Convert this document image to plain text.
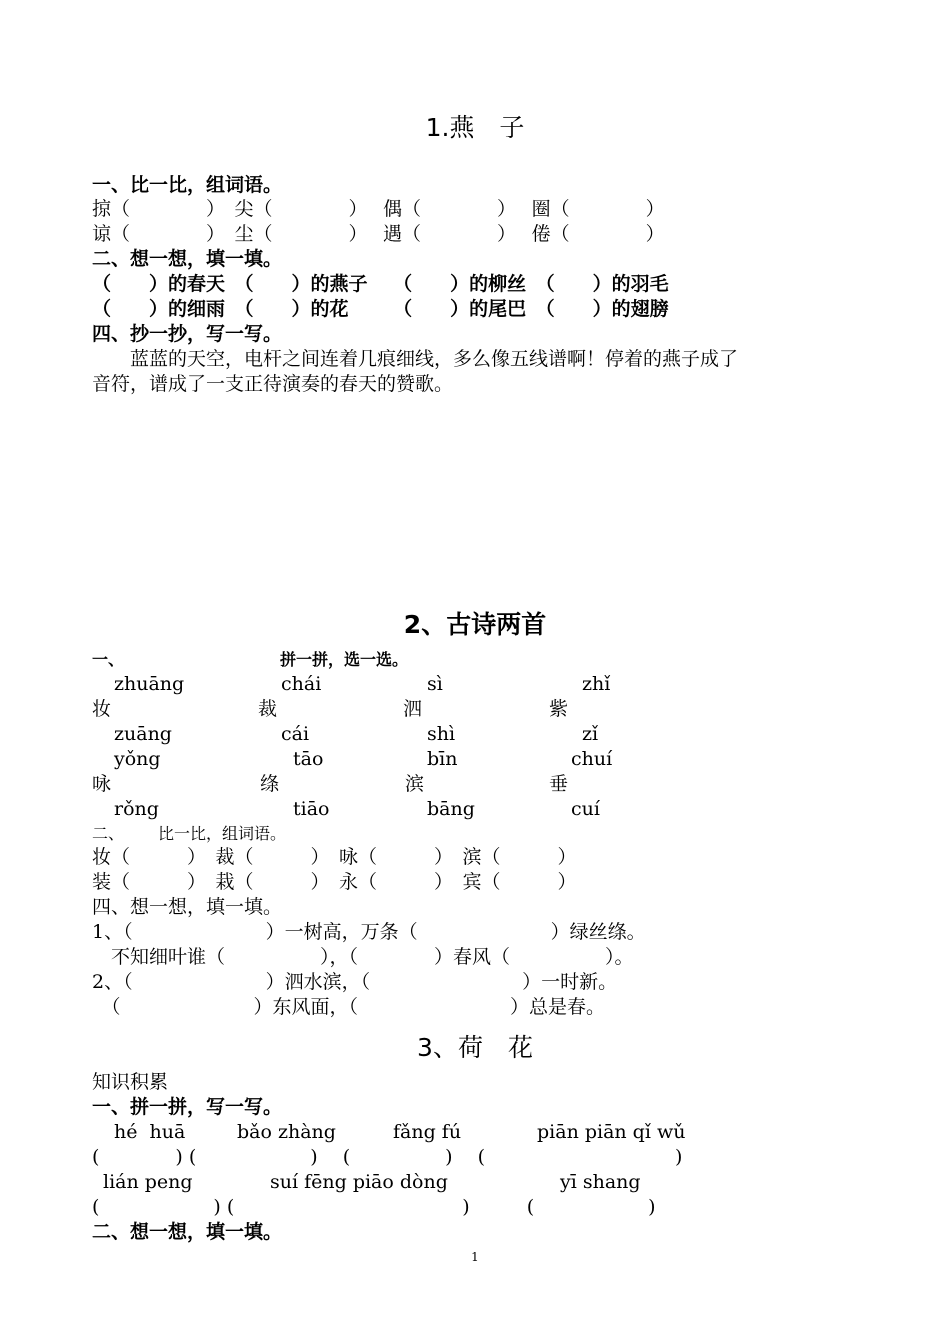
1.燕　子
一、比一比，组词语。
掠（　　　　）　尖（　　　　）　 偶（　　　　）　 圈（　　　　）
谅（　　　　）　尘（　　　　）　 遇（　　　　）　 倦（　　　　）
二、想一想，填一填。
（　　）的春天　（　　）的燕子　 （　　）的柳丝　（　　）的羽毛
（　　）的细雨　（　　）的花　　 （　　）的尾巴　（　　）的翅膀
四、抄一抄，写一写。
　　蓝蓝的天空，电杆之间连着几痕细线，多么像五线谱啊！停着的燕子成了
音符，谱成了一支正待演奏的春天的赞歌。
2、古诗两首
一、	拼一拼，选一选。
zhuāng	chái	sì	zhǐ
妆	裁	泗	紫
zuāng	cái	shì	zǐ
yǒng	tāo	bīn	chuí
咏	绦	滨	垂
rǒng	tiāo	bāng	cuí
二、 比一比，组词语。
妆（　　　）　裁（　　　）　咏（　　　）　滨（　　　）
装（　　　）　栽（　　　）　永（　　　）　宾（　　　）
四、想一想，填一填。
1、（　　　　　　　）一树高，万条（　　　　　　　）绿丝绦。
　不知细叶谁（　　　　　），（　　　　）春风（　　　　　）。
2、（　　　　　　　）泗水滨，（　　　　　　　　）一时新。
　（　　　　　　　）东风面，（　　　　　　　　）总是春。
3、荷　花
知识积累
一、拼一拼，写一写。
hé  huā	bǎo zhàng	fǎng fú	piān piān qǐ wǔ
(　　　　) (　　　　　　) 　(　　　　　) 　(　　　　　　　　　　)
lián peng	suí fēng piāo dòng	yī shang
(　　　　　　) (　　　　　　　　　　　　)　　　(　　　　　　)
二、想一想，填一填。
1
